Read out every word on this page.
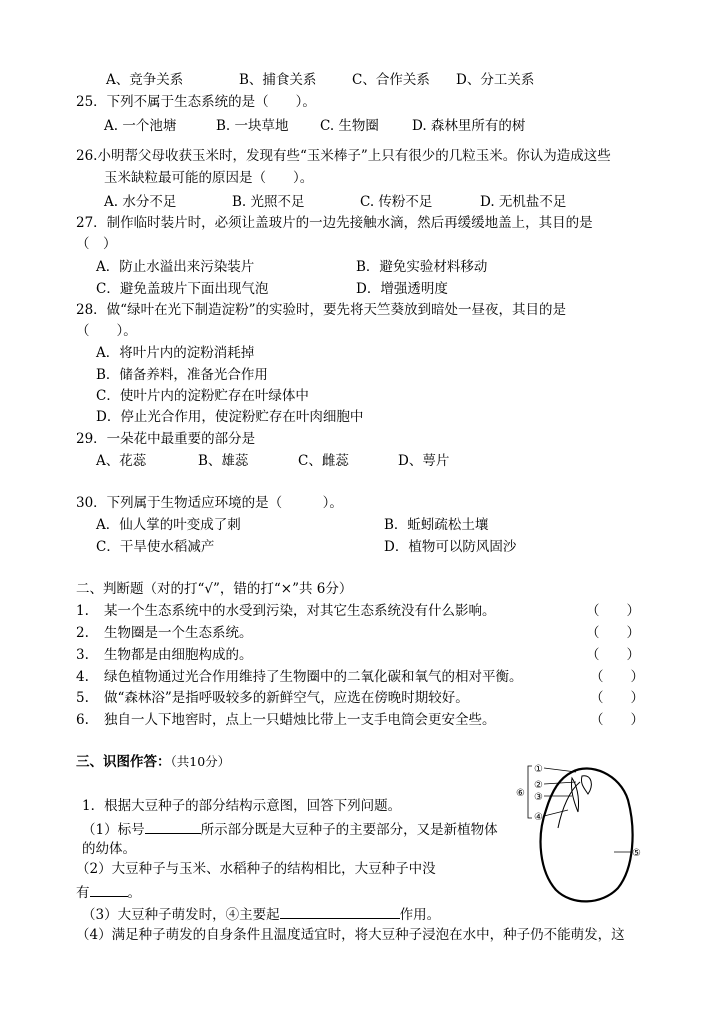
A、竞争关系	B、捕食关系	C、合作关系 D、分工关系
25．下列不属于生态系统的是（　　）。
A. 一个池塘	B. 一块草地 C. 生物圈 D. 森林里所有的树
26.小明帮父母收获玉米时，发现有些“玉米棒子”上只有很少的几粒玉米。你认为造成这些
玉米缺粒最可能的原因是（　　）。
A. 水分不足	B. 光照不足	C. 传粉不足	D. 无机盐不足
27．制作临时装片时，必须让盖玻片的一边先接触水滴，然后再缓缓地盖上，其目的是
（　）
A．防止水溢出来污染装片	B．避免实验材料移动
C．避免盖玻片下面出现气泡	D．增强透明度
28．做“绿叶在光下制造淀粉”的实验时，要先将天竺葵放到暗处一昼夜，其目的是
（　　）。
A．将叶片内的淀粉消耗掉
B．储备养料，准备光合作用
C．使叶片内的淀粉贮存在叶绿体中
D．停止光合作用，使淀粉贮存在叶肉细胞中
29．一朵花中最重要的部分是
A、花蕊	B、雄蕊	C、雌蕊	D、萼片
30．下列属于生物适应环境的是（　　　）。
A．仙人掌的叶变成了刺	B．蚯蚓疏松土壤
C．干旱使水稻减产	D．植物可以防风固沙
二、判断题（对的打“√”，错的打“×”共 6分）
1. 某一个生态系统中的水受到污染，对其它生态系统没有什么影响。	（　　）
2. 生物圈是一个生态系统。	（　　）
3. 生物都是由细胞构成的。	（　　）
4. 绿色植物通过光合作用维持了生物圈中的二氧化碳和氧气的相对平衡。	（　　）
5. 做“森林浴”是指呼吸较多的新鲜空气，应选在傍晚时期较好。	（　　）
6. 独自一人下地窖时，点上一只蜡烛比带上一支手电筒会更安全些。	（　　）
三、识图作答：（共10分）
1．根据大豆种子的部分结构示意图，回答下列问题。
（1）标号	所示部分既是大豆种子的主要部分，又是新植物体
的幼体。
（2）大豆种子与玉米、水稻种子的结构相比，大豆种子中没
有	。
（3）大豆种子萌发时，④主要起	作用。
（4）满足种子萌发的自身条件且温度适宜时，将大豆种子浸泡在水中，种子仍不能萌发，这
①
②
③
④
⑤
⑥
